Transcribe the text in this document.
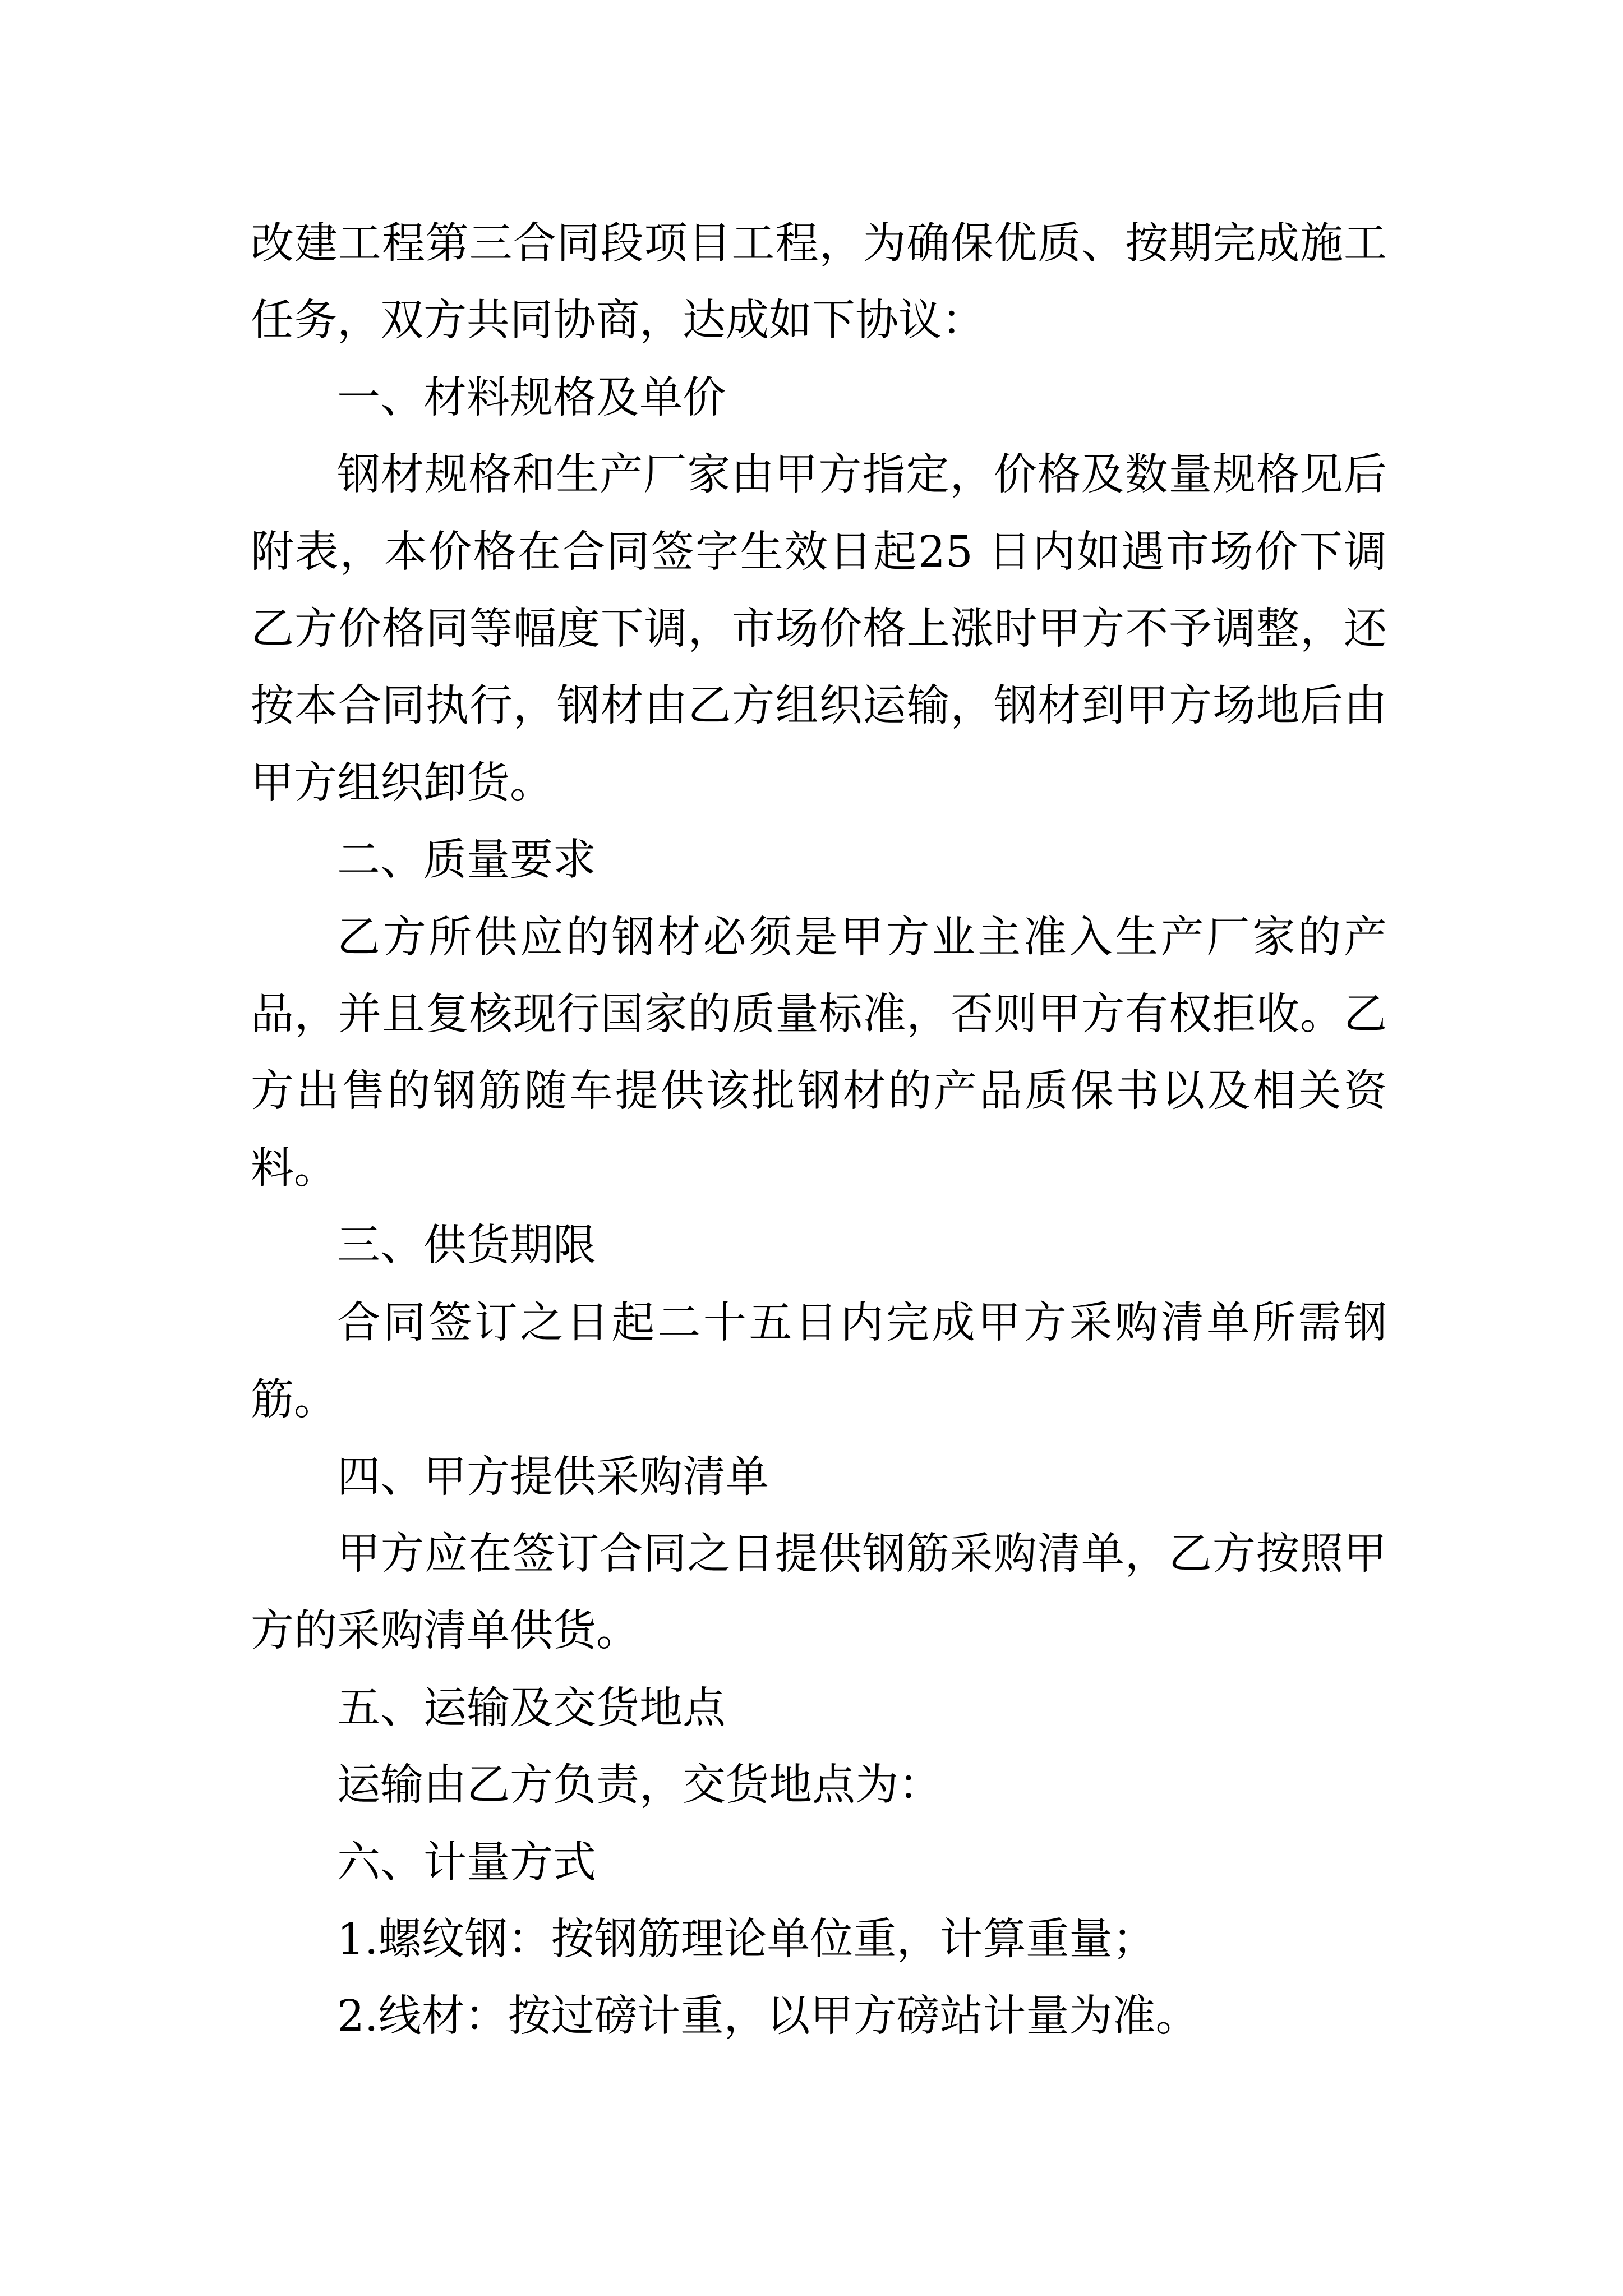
改建工程第三合同段项目工程，为确保优质、按期完成施工
任务，双方共同协商，达成如下协议：
一、材料规格及单价
钢材规格和生产厂家由甲方指定，价格及数量规格见后
附表，本价格在合同签字生效日起25 日内如遇市场价下调
乙方价格同等幅度下调，市场价格上涨时甲方不予调整，还
按本合同执行，钢材由乙方组织运输，钢材到甲方场地后由
甲方组织卸货。
二、质量要求
乙方所供应的钢材必须是甲方业主准入生产厂家的产
品，并且复核现行国家的质量标准，否则甲方有权拒收。乙
方出售的钢筋随车提供该批钢材的产品质保书以及相关资
料。
三、供货期限
合同签订之日起二十五日内完成甲方采购清单所需钢
筋。
四、甲方提供采购清单
甲方应在签订合同之日提供钢筋采购清单，乙方按照甲
方的采购清单供货。
五、运输及交货地点
运输由乙方负责，交货地点为：
六、计量方式
1.螺纹钢：按钢筋理论单位重，计算重量；
2.线材：按过磅计重，以甲方磅站计量为准。
